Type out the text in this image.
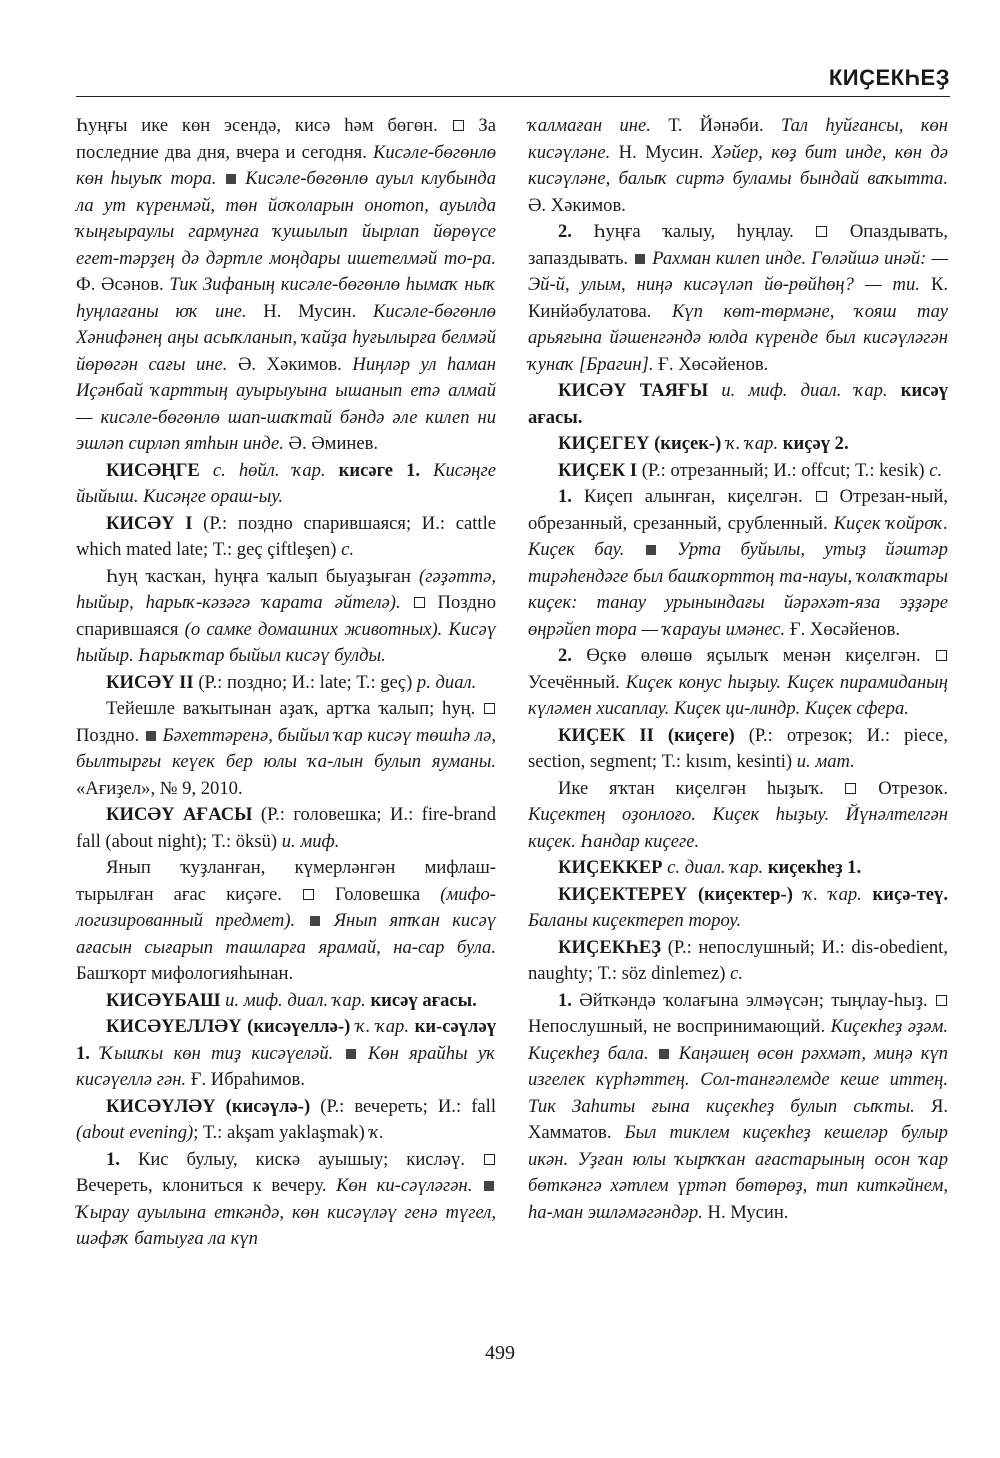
КИҪЕКҺЕҘ

Һуңғы ике көн эсендә, кисә һәм бөгөн.  За последние два дня, вчера и сегодня. Кисәле-бөгөнлө көн һыуыҡ тора. Кисәле-бөгөнлө ауыл клубында ла ут күренмәй, төн йоҡоларын онотоп, ауылда ҡыңғыраулы гармунға ҡушылып йырлап йөрөүсе егет-тәрҙең дә дәртле моңдары ишетелмәй то-ра. Ф. Әсәнов. Тик Зифаның кисәле-бөгөнлө һымаҡ ныҡ һуңлағаны юҡ ине. Н. Мусин. Кисәле-бөгөнлө Хәнифәнең аңы асыҡланып, ҡайҙа һуғылырға белмәй йөрөгән сағы ине. Ә. Хәкимов. Ниңләр ул һаман Иҫәнбай ҡарттың ауырыуына ышанып етә алмай — кисәле-бөгөнлө шап-шаҡтай бәндә әле килеп ни эшләп сирләп ятһын инде. Ә. Әминев.

КИСӘҢГЕ с. һөйл. ҡар. кисәге 1. Кисәңге йыйыш. Кисәңге ораш-ыу.

КИСӘҮ I (Р.: поздно спарившаяся; И.: cattle which mated late; Т.: geç çiftleşen) с.

Һуң ҡасҡан, һуңға ҡалып быуаҙыған (гәҙәттә, һыйыр, һарыҡ-кәзәгә ҡарата әйтелә).  Поздно спарившаяся (о самке домашних животных). Кисәү һыйыр. Һарыҡтар быйыл кисәү булды.

КИСӘҮ II (Р.: поздно; И.: late; Т.: geç) р. диал.

Тейешле ваҡытынан аҙаҡ, артҡа ҡалып; һуң.  Поздно.  Бәхеттәренә, быйыл ҡар кисәү төшһә лә, былтырғы кеүек бер юлы ҡа-лын булып яуманы. «Ағиҙел», № 9, 2010.

КИСӘҮ АҒАСЫ (Р.: головешка; И.: fire-brand fall (about night); Т.: öksü) и. миф.

Янып ҡуҙланған, күмерләнгән мифлаш-тырылған ағас киҫәге.  Головешка (мифо-логизированный предмет). Янып ятҡан кисәү ағасын сығарып ташларға ярамай, на-сар була. Башҡорт мифологияһынан.

КИСӘҮБАШ и. миф. диал. ҡар. кисәү ағасы.

КИСӘҮЕЛЛӘҮ (кисәүеллә-) ҡ. ҡар. ки-сәүләү 1. Ҡышҡы көн тиҙ кисәүеләй. Көн ярайһы уҡ кисәүеллә гән. Ғ. Ибраһимов.

КИСӘҮЛӘҮ (кисәүлә-) (Р.: вечереть; И.: fall (about evening); Т.: akşam yaklaşmak) ҡ.

1. Кис булыу, кискә ауышыу; кисләү.  Вечереть, клониться к вечеру. Көн ки-сәүләгән.  Ҡырау ауылына еткәндә, көн кисәүләү генә түгел, шәфәҡ батыуға ла күп

ҡалмаған ине. Т. Йәнәби. Тал һуйғансы, көн кисәүләне. Н. Мусин. Хәйер, көҙ бит инде, көн дә кисәүләне, балыҡ сиртә буламы бындай ваҡытта. Ә. Хәкимов.

2. Һуңға ҡалыу, һуңлау.  Опаздывать, запаздывать.  Рахман килеп инде. Гөләйшә инәй: — Эй-й, улым, ниңә кисәүләп йө-рөйһөң? — ти. К. Кинйәбулатова. Күп көт-төрмәне, ҡояш тау арьяғына йәшенгәндә юлда күренде был кисәүләгән ҡунаҡ [Брагин]. Ғ. Хөсәйенов.

КИСӘҮ ТАЯҒЫ и. миф. диал. ҡар. кисәү ағасы.

КИҪЕГЕҮ (киҫек-) ҡ. ҡар. киҫәү 2.

КИҪЕК I (Р.: отрезанный; И.: offcut; Т.: kesik) с.

1. Киҫеп алынған, киҫелгән.  Отрезан-ный, обрезанный, срезанный, срубленный. Киҫек ҡойроҡ. Киҫек бау.	Урта буйылы, утыҙ йәштәр тирәһендәге был башҡорттоң та-науы, ҡолаҡтары киҫек: танау урынындағы йәрәхәт-яза эҙҙәре өңрәйеп тора — ҡарауы имәнес. Ғ. Хөсәйенов.

2. Өҫкө өлөшө яҫылыҡ менән киҫелгән.  Усечённый. Киҫек конус һыҙыу. Киҫек пирамиданың күләмен хисаплау. Киҫек ци-линдр. Киҫек сфера.

КИҪЕК II (киҫеге) (Р.: отрезок; И.: piece, section, segment; Т.: kısım, kesinti) и. мат.

Ике яҡтан киҫелгән һыҙыҡ.  Отрезок. Киҫектең оҙонлоғо. Киҫек һыҙыу. Йүнәлтелгән киҫек. Һандар киҫеге.

КИҪЕККЕР с. диал. ҡар. киҫекһеҙ 1.

КИҪЕКТЕРЕҮ (киҫектер-) ҡ. ҡар. киҫә-теү. Баланы киҫектереп тороу.

КИҪЕКҺЕҘ (Р.: непослушный; И.: dis-obedient, naughty; Т.: söz dinlemez) с.

1. Әйткәндә ҡолағына элмәүсән; тыңлау-һыҙ.  Непослушный, не воспринимающий. Киҫекһеҙ әҙәм. Киҫекһеҙ бала. Каңәшең өсөн рәхмәт, миңә күп изгелек күрһәттең. Сол-танғәлемде кеше иттең. Тик Заһиты ғына киҫекһеҙ булып сыҡты. Я. Хамматов. Был тиклем киҫекһеҙ кешеләр булыр икән. Уҙған юлы ҡырҡҡан ағастарының осон ҡар бөткәнгә хәтлем үртәп бөтөрөҙ, тип киткәйнем, һа-ман эшләмәгәндәр. Н. Мусин.

499
